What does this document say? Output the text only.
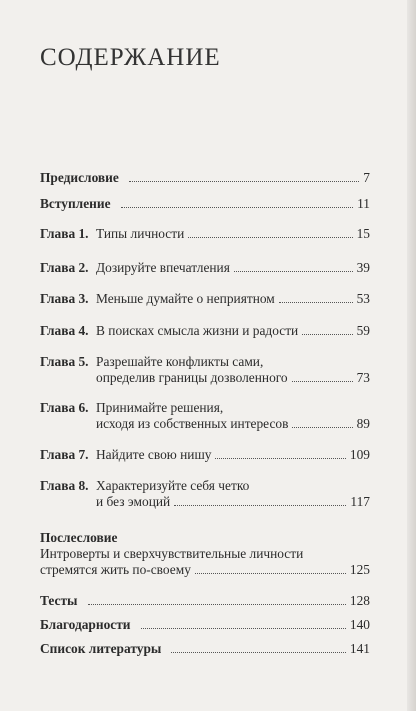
СОДЕРЖАНИЕ
Предисловие	7
Вступление	11
Глава 1. Типы личности	15
Глава 2. Дозируйте впечатления	39
Глава 3. Меньше думайте о неприятном	53
Глава 4. В поисках смысла жизни и радости	59
Глава 5. Разрешайте конфликты сами,
определив границы дозволенного	73
Глава 6. Принимайте решения,
исходя из собственных интересов	89
Глава 7. Найдите свою нишу	109
Глава 8. Характеризуйте себя четко
и без эмоций	117
Послесловие
Интроверты и сверхчувствительные личности
стремятся жить по-своему	125
Тесты	128
Благодарности	140
Список литературы	141
